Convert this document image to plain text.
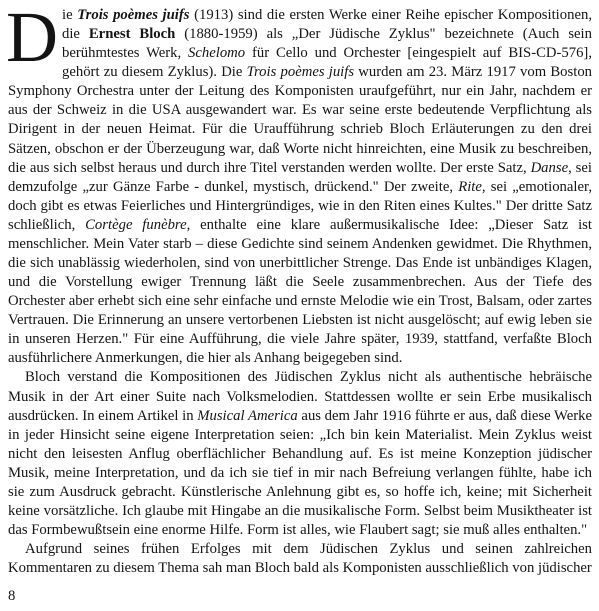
Die Trois poèmes juifs (1913) sind die ersten Werke einer Reihe epischer Kompositionen, die Ernest Bloch (1880-1959) als „Der Jüdische Zyklus" bezeichnete (Auch sein berühmtestes Werk, Schelomo für Cello und Orchester [eingespielt auf BIS-CD-576], gehört zu diesem Zyklus). Die Trois poèmes juifs wurden am 23. März 1917 vom Boston Symphony Orchestra unter der Leitung des Komponisten uraufgeführt, nur ein Jahr, nachdem er aus der Schweiz in die USA ausgewandert war. Es war seine erste bedeutende Verpflichtung als Dirigent in der neuen Heimat. Für die Uraufführung schrieb Bloch Erläuterungen zu den drei Sätzen, obschon er der Überzeugung war, daß Worte nicht hinreichten, eine Musik zu beschreiben, die aus sich selbst heraus und durch ihre Titel verstanden werden wollte. Der erste Satz, Danse, sei demzufolge „zur Gänze Farbe - dunkel, mystisch, drückend." Der zweite, Rite, sei „emotionaler, doch gibt es etwas Feierliches und Hintergründiges, wie in den Riten eines Kultes." Der dritte Satz schließlich, Cortège funèbre, enthalte eine klare außermusikalische Idee: „Dieser Satz ist menschlicher. Mein Vater starb – diese Gedichte sind seinem Andenken gewidmet. Die Rhythmen, die sich unablässig wiederholen, sind von unerbittlicher Strenge. Das Ende ist unbändiges Klagen, und die Vorstellung ewiger Trennung läßt die Seele zusammenbrechen. Aus der Tiefe des Orchester aber erhebt sich eine sehr einfache und ernste Melodie wie ein Trost, Balsam, oder zartes Vertrauen. Die Erinnerung an unsere vertorbenen Liebsten ist nicht ausgelöscht; auf ewig leben sie in unseren Herzen." Für eine Aufführung, die viele Jahre später, 1939, stattfand, verfaßte Bloch ausführlichere Anmerkungen, die hier als Anhang beigegeben sind.

Bloch verstand die Kompositionen des Jüdischen Zyklus nicht als authentische hebräische Musik in der Art einer Suite nach Volksmelodien. Stattdessen wollte er sein Erbe musikalisch ausdrücken. In einem Artikel in Musical America aus dem Jahr 1916 führte er aus, daß diese Werke in jeder Hinsicht seine eigene Interpretation seien: „Ich bin kein Materialist. Mein Zyklus weist nicht den leisesten Anflug oberflächlicher Behandlung auf. Es ist meine Konzeption jüdischer Musik, meine Interpretation, und da ich sie tief in mir nach Befreiung verlangen fühlte, habe ich sie zum Ausdruck gebracht. Künstlerische Anlehnung gibt es, so hoffe ich, keine; mit Sicherheit keine vorsätzliche. Ich glaube mit Hingabe an die musikalische Form. Selbst beim Musiktheater ist das Formbewußtsein eine enorme Hilfe. Form ist alles, wie Flaubert sagt; sie muß alles enthalten."

Aufgrund seines frühen Erfolges mit dem Jüdischen Zyklus und seinen zahlreichen Kommentaren zu diesem Thema sah man Bloch bald als Komponisten ausschließlich von jüdischer

8
